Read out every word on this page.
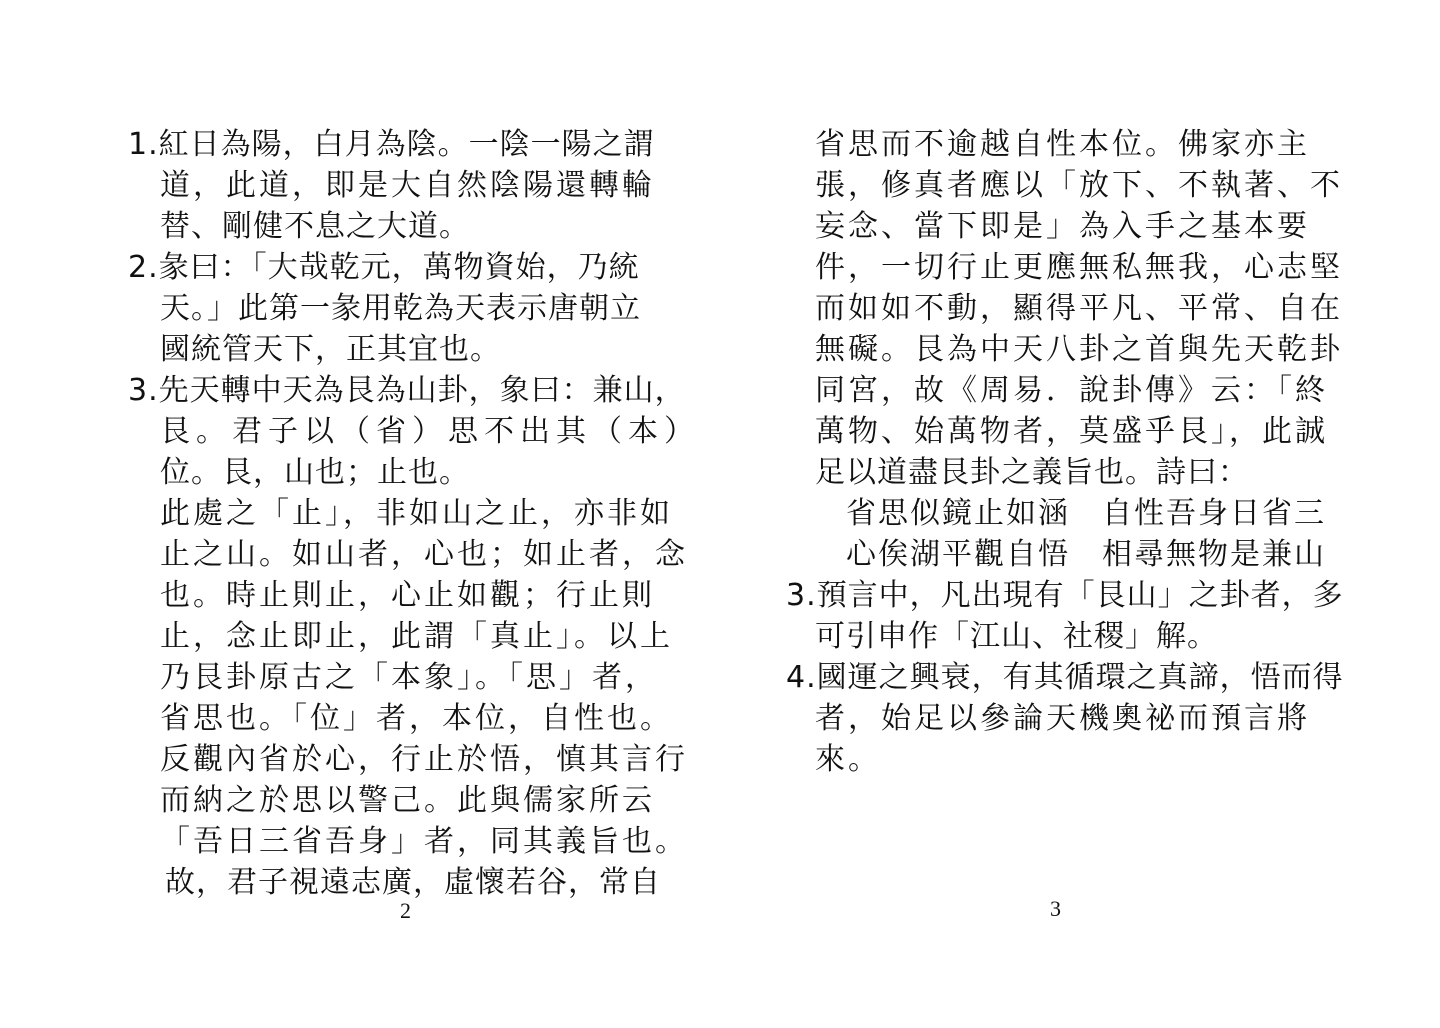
1.紅日為陽，白月為陰。一陰一陽之謂

道，此道，即是大自然陰陽還轉輪

替、剛健不息之大道。

2.彖曰：「大哉乾元，萬物資始，乃統

天。」此第一彖用乾為天表示唐朝立

國統管天下，正其宜也。

3.先天轉中天為艮為山卦，象曰：兼山，

艮。君子以（省）思不出其（本）

位。艮，山也；止也。

此處之「止」，非如山之止，亦非如

止之山。如山者，心也；如止者，念

也。時止則止，心止如觀；行止則

止，念止即止，此謂「真止」。以上

乃艮卦原古之「本象」。「思」者，

省思也。「位」者，本位，自性也。

反觀內省於心，行止於悟，慎其言行

而納之於思以警己。此與儒家所云

「吾日三省吾身」者，同其義旨也。

故，君子視遠志廣，虛懷若谷，常自

2

省思而不逾越自性本位。佛家亦主

張，修真者應以「放下、不執著、不

妄念、當下即是」為入手之基本要

件，一切行止更應無私無我，心志堅

而如如不動，顯得平凡、平常、自在

無礙。艮為中天八卦之首與先天乾卦

同宮，故《周易．說卦傳》云：「終

萬物、始萬物者，莫盛乎艮」，此誠

足以道盡艮卦之義旨也。詩曰：

省思似鏡止如涵　自性吾身日省三

心俟湖平觀自悟　相尋無物是兼山

3.預言中，凡出現有「艮山」之卦者，多

可引申作「江山、社稷」解。

4.國運之興衰，有其循環之真諦，悟而得

者，始足以參論天機奧祕而預言將

來。

3
